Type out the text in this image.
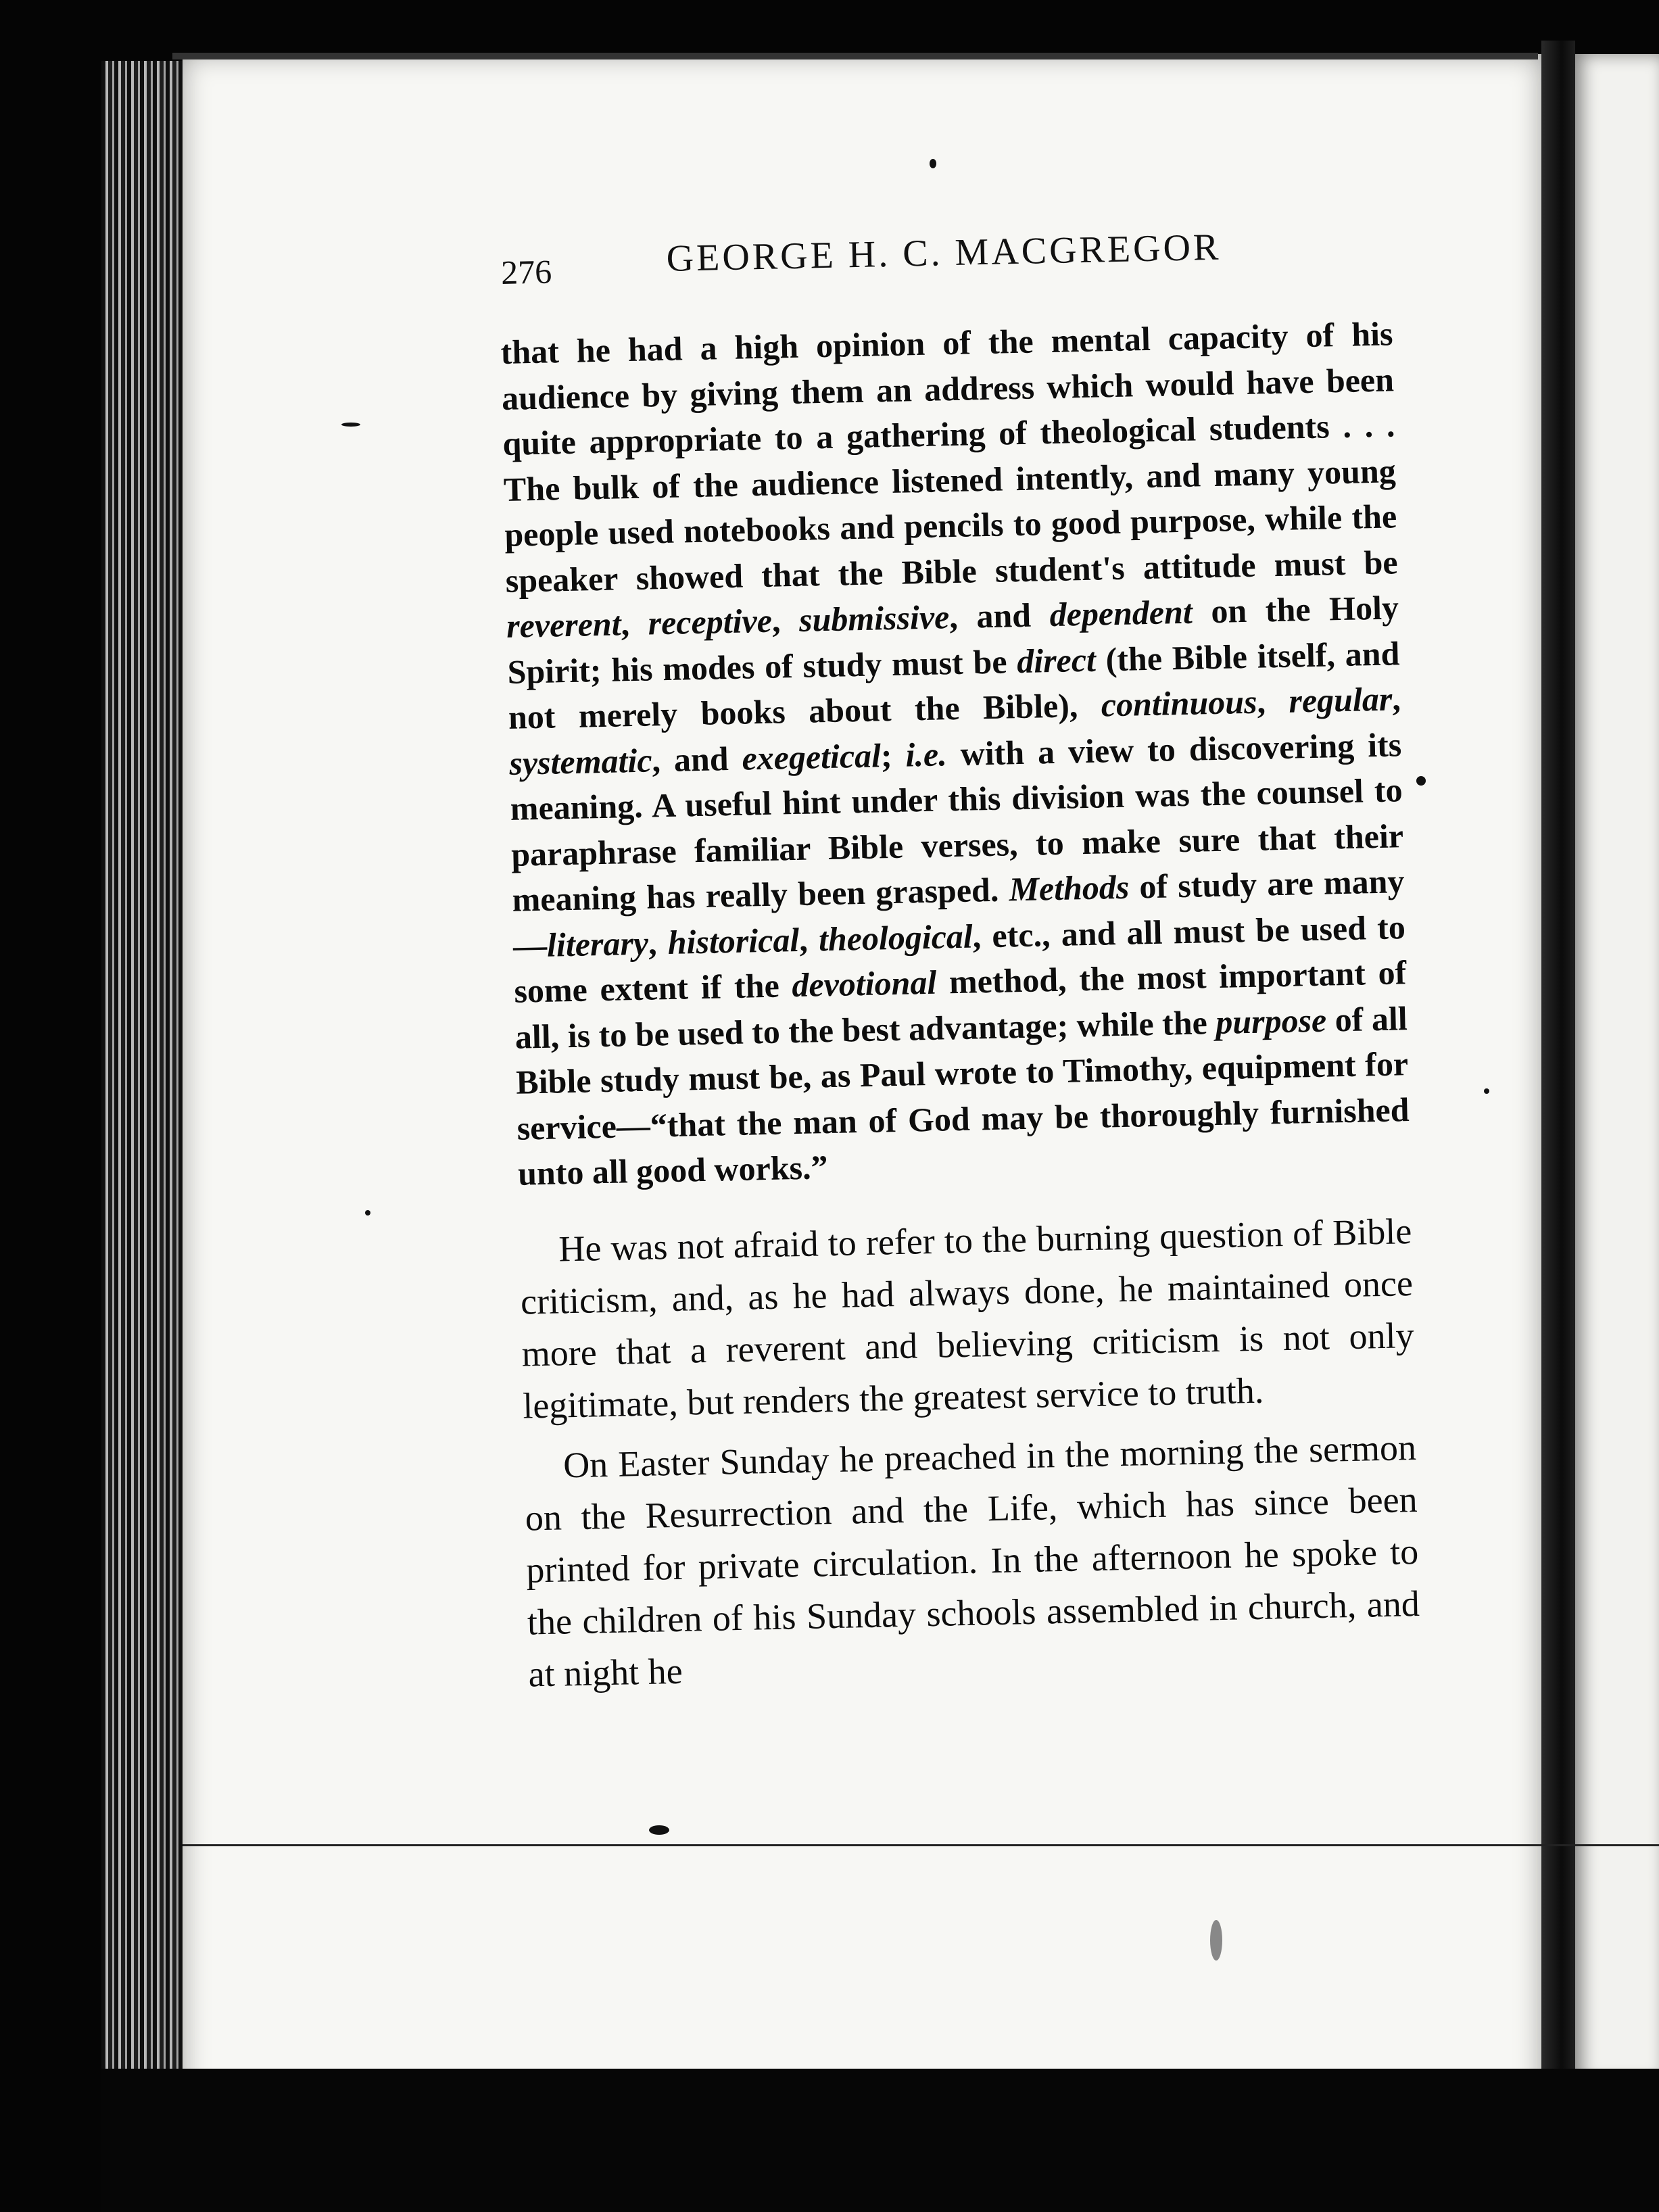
276	GEORGE H. C. MACGREGOR

that he had a high opinion of the mental capacity of his audience by giving them an address which would have been quite appropriate to a gathering of theological students . . . The bulk of the audience listened intently, and many young people used notebooks and pencils to good purpose, while the speaker showed that the Bible student's attitude must be reverent, receptive, submissive, and dependent on the Holy Spirit; his modes of study must be direct (the Bible itself, and not merely books about the Bible), continuous, regular, systematic, and exegetical; i.e. with a view to discovering its meaning. A useful hint under this division was the counsel to paraphrase familiar Bible verses, to make sure that their meaning has really been grasped. Methods of study are many—literary, historical, theological, etc., and all must be used to some extent if the devotional method, the most important of all, is to be used to the best advantage; while the purpose of all Bible study must be, as Paul wrote to Timothy, equipment for service—“that the man of God may be thoroughly furnished unto all good works.”

He was not afraid to refer to the burning question of Bible criticism, and, as he had always done, he maintained once more that a reverent and believing criticism is not only legitimate, but renders the greatest service to truth.

On Easter Sunday he preached in the morning the sermon on the Resurrection and the Life, which has since been printed for private circulation. In the afternoon he spoke to the children of his Sunday schools assembled in church, and at night he
